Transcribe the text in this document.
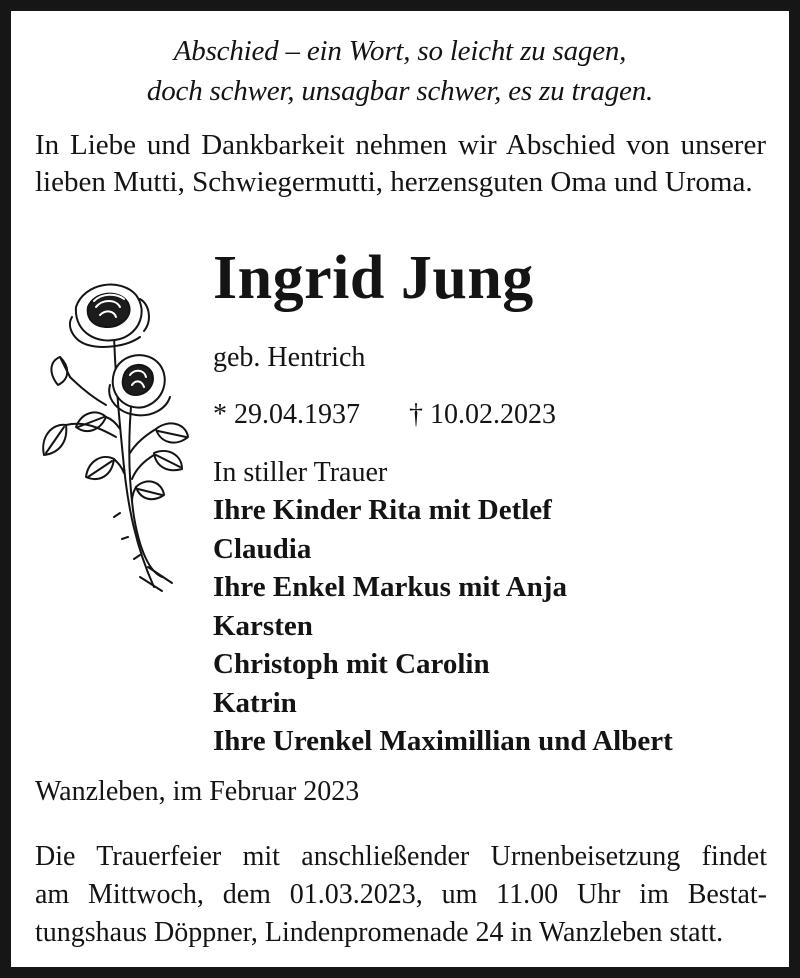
Abschied – ein Wort, so leicht zu sagen,
doch schwer, unsagbar schwer, es zu tragen.
In Liebe und Dankbarkeit nehmen wir Abschied von unserer lieben Mutti, Schwiegermutti, herzensguten Oma und Uroma.
Ingrid Jung
geb. Hentrich
* 29.04.1937 † 10.02.2023
In stiller Trauer
Ihre Kinder Rita mit Detlef
Claudia
Ihre Enkel Markus mit Anja
Karsten
Christoph mit Carolin
Katrin
Ihre Urenkel Maximillian und Albert
Wanzleben, im Februar 2023
Die Trauerfeier mit anschließender Urnenbeisetzung findet
am Mittwoch, dem 01.03.2023, um 11.00 Uhr im Bestat-
tungshaus Döppner, Lindenpromenade 24 in Wanzleben statt.
